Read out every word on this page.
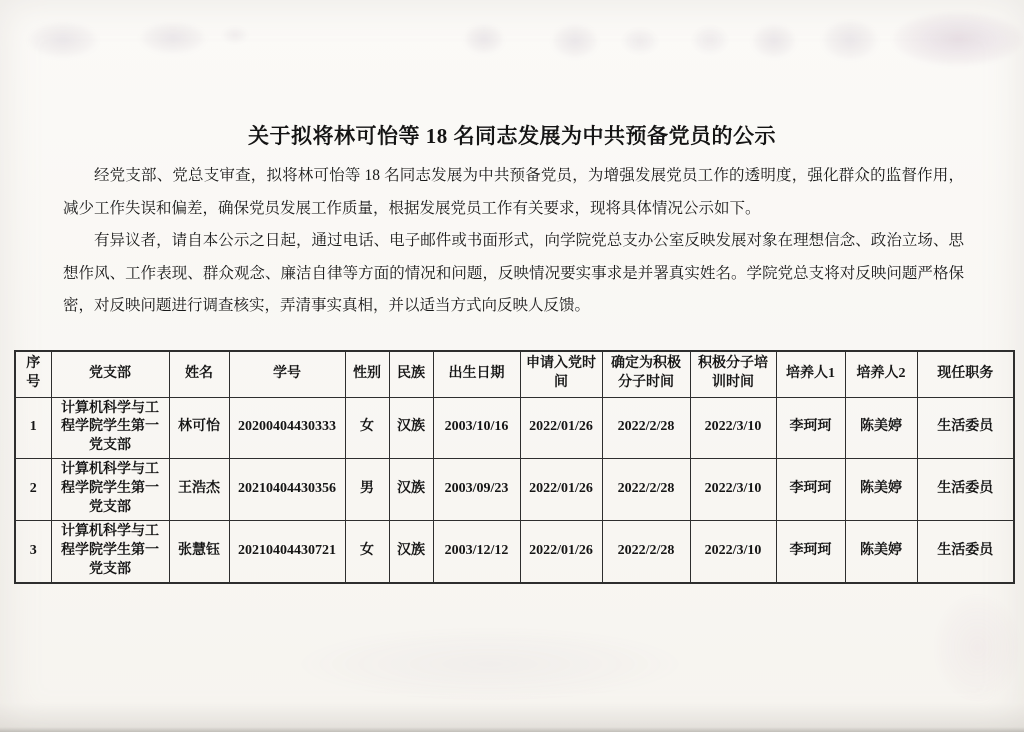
关于拟将林可怡等 18 名同志发展为中共预备党员的公示

经党支部、党总支审查，拟将林可怡等 18 名同志发展为中共预备党员，为增强发展党员工作的透明度，强化群众的监督作用，减少工作失误和偏差，确保党员发展工作质量，根据发展党员工作有关要求，现将具体情况公示如下。

有异议者，请自本公示之日起，通过电话、电子邮件或书面形式，向学院党总支办公室反映发展对象在理想信念、政治立场、思想作风、工作表现、群众观念、廉洁自律等方面的情况和问题，反映情况要实事求是并署真实姓名。学院党总支将对反映问题严格保密，对反映问题进行调查核实，弄清事实真相，并以适当方式向反映人反馈。

序号	党支部	姓名	学号	性别	民族	出生日期	申请入党时间	确定为积极分子时间	积极分子培训时间	培养人1	培养人2	现任职务
1	计算机科学与工程学院学生第一党支部	林可怡	20200404430333	女	汉族	2003/10/16	2022/01/26	2022/2/28	2022/3/10	李珂珂	陈美婷	生活委员
2	计算机科学与工程学院学生第一党支部	王浩杰	20210404430356	男	汉族	2003/09/23	2022/01/26	2022/2/28	2022/3/10	李珂珂	陈美婷	生活委员
3	计算机科学与工程学院学生第一党支部	张慧钰	20210404430721	女	汉族	2003/12/12	2022/01/26	2022/2/28	2022/3/10	李珂珂	陈美婷	生活委员
